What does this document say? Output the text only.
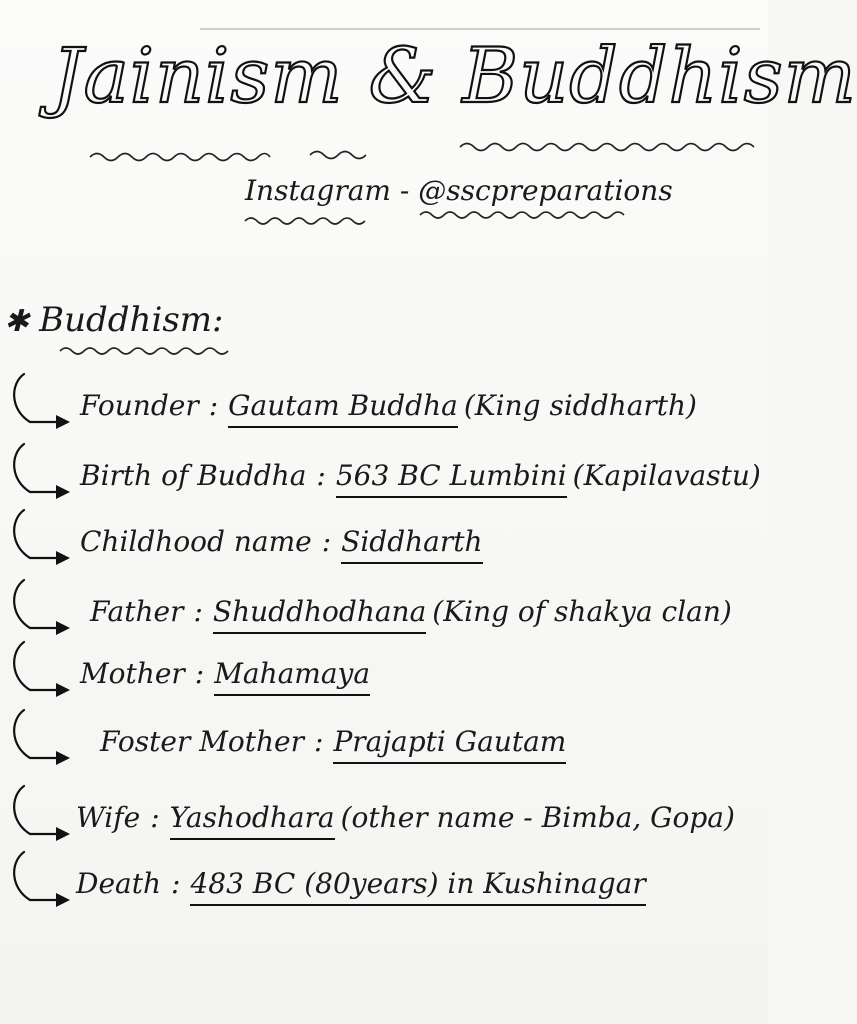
Jainism & Buddhism
Instagram - @sscpreparations
✱ Buddhism:
Founder : Gautam Buddha (King siddharth)
Birth of Buddha : 563 BC Lumbini (Kapilavastu)
Childhood name : Siddharth
Father : Shuddhodhana (King of shakya clan)
Mother : Mahamaya
Foster Mother : Prajapti Gautam
Wife : Yashodhara (other name - Bimba, Gopa)
Death : 483 BC (80years) in Kushinagar
